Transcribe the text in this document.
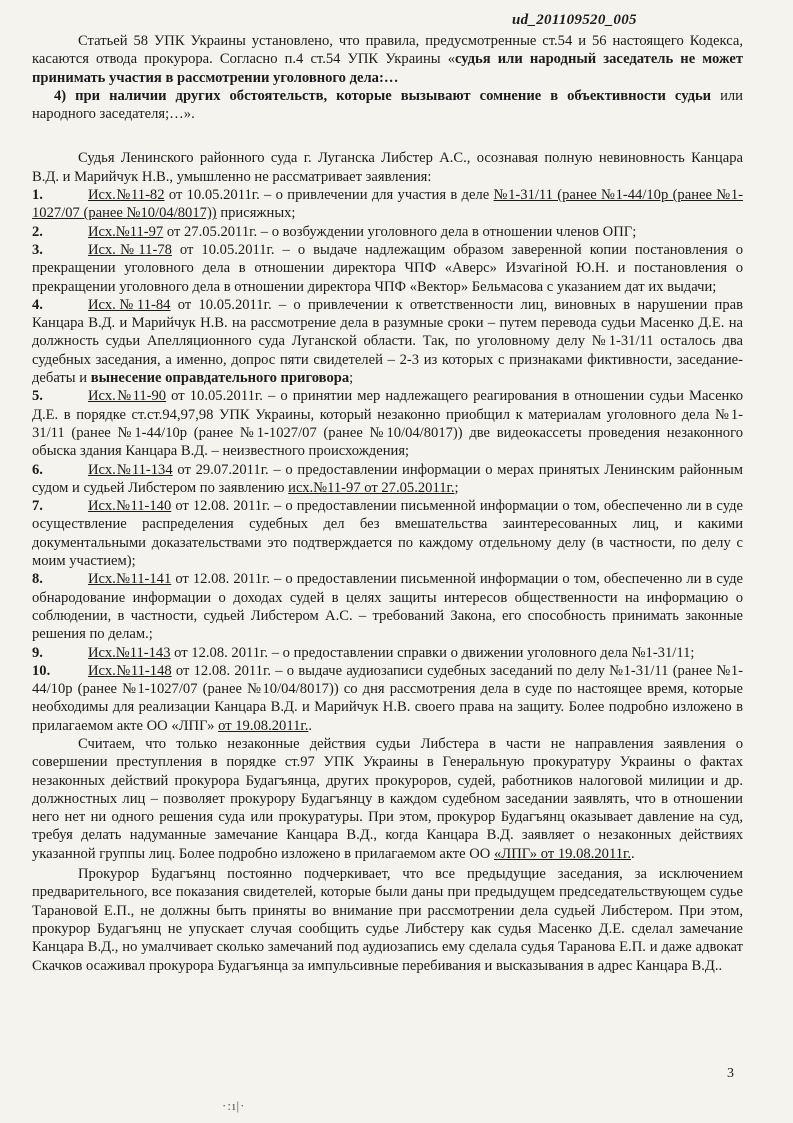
ud_201109520_005

Статьей 58 УПК Украины установлено, что правила, предусмотренные ст.54 и 56 настоящего Кодекса, касаются отвода прокурора. Согласно п.4 ст.54 УПК Украины «судья или народный заседатель не может принимать участия в рассмотрении уголовного дела:…

4) при наличии других обстоятельств, которые вызывают сомнение в объективности судьи или народного заседателя;…».

Судья Ленинского районного суда г. Луганска Либстер А.С., осознавая полную невиновность Канцара В.Д. и Марийчук Н.В., умышленно не рассматривает заявления:

1.	Исх.№11-82 от 10.05.2011г. – о привлечении для участия в деле №1-31/11 (ранее №1-44/10р (ранее №1-1027/07 (ранее №10/04/8017)) присяжных;

2.	Исх.№11-97 от 27.05.2011г. – о возбуждении уголовного дела в отношении членов ОПГ;

3.	Исх.№11-78 от 10.05.2011г. – о выдаче надлежащим образом заверенной копии постановления о прекращении уголовного дела в отношении директора ЧПФ «Аверс» Изvariной Ю.Н. и постановления о прекращении уголовного дела в отношении директора ЧПФ «Вектор» Бельмасова с указанием дат их выдачи;

4.	Исх.№11-84 от 10.05.2011г. – о привлечении к ответственности лиц, виновных в нарушении прав Канцара В.Д. и Марийчук Н.В. на рассмотрение дела в разумные сроки – путем перевода судьи Масенко Д.Е. на должность судьи Апелляционного суда Луганской области. Так, по уголовному делу №1-31/11 осталось два судебных заседания, а именно, допрос пяти свидетелей – 2-3 из которых с признаками фиктивности, заседание-дебаты и вынесение оправдательного приговора;

5.	Исх.№11-90 от 10.05.2011г. – о принятии мер надлежащего реагирования в отношении судьи Масенко Д.Е. в порядке ст.ст.94,97,98 УПК Украины, который незаконно приобщил к материалам уголовного дела №1-31/11 (ранее №1-44/10р (ранее №1-1027/07 (ранее №10/04/8017)) две видеокассеты проведения незаконного обыска здания Канцара В.Д. – неизвестного происхождения;

6.	Исх.№11-134 от 29.07.2011г. – о предоставлении информации о мерах принятых Ленинским районным судом и судьей Либстером по заявлению исх.№11-97 от 27.05.2011г.;

7.	Исх.№11-140 от 12.08. 2011г. – о предоставлении письменной информации о том, обеспеченно ли в суде осуществление распределения судебных дел без вмешательства заинтересованных лиц, и какими документальными доказательствами это подтверждается по каждому отдельному делу (в частности, по делу с моим участием);

8.	Исх.№11-141 от 12.08. 2011г. – о предоставлении письменной информации о том, обеспеченно ли в суде обнародование информации о доходах судей в целях защиты интересов общественности на информацию о соблюдении, в частности, судьей Либстером А.С. – требований Закона, его способность принимать законные решения по делам.;

9.	Исх.№11-143 от 12.08. 2011г. – о предоставлении справки о движении уголовного дела №1-31/11;

10.	Исх.№11-148 от 12.08. 2011г. – о выдаче аудиозаписи судебных заседаний по делу №1-31/11 (ранее №1-44/10р (ранее №1-1027/07 (ранее №10/04/8017)) со дня рассмотрения дела в суде по настоящее время, которые необходимы для реализации Канцара В.Д. и Марийчук Н.В. своего права на защиту. Более подробно изложено в прилагаемом акте ОО «ЛПГ» от 19.08.2011г..

Считаем, что только незаконные действия судьи Либстера в части не направления заявления о совершении преступления в порядке ст.97 УПК Украины в Генеральную прокуратуру Украины о фактах незаконных действий прокурора Будагъянца, других прокуроров, судей, работников налоговой милиции и др. должностных лиц – позволяет прокурору Будагъянцу в каждом судебном заседании заявлять, что в отношении него нет ни одного решения суда или прокуратуры. При этом, прокурор Будагъянц оказывает давление на суд, требуя делать надуманные замечание Канцара В.Д., когда Канцара В.Д. заявляет о незаконных действиях указанной группы лиц. Более подробно изложено в прилагаемом акте ОО «ЛПГ» от 19.08.2011г..

Прокурор Будагъянц постоянно подчеркивает, что все предыдущие заседания, за исключением предварительного, все показания свидетелей, которые были даны при предыдущем председательствующем судье Тарановой Е.П., не должны быть приняты во внимание при рассмотрении дела судьей Либстером. При этом, прокурор Будагъянц не упускает случая сообщить судье Либстеру как судья Масенко Д.Е. сделал замечание Канцара В.Д., но умалчивает сколько замечаний под аудиозапись ему сделала судья Таранова Е.П. и даже адвокат Скачков осаживал прокурора Будагъянца за импульсивные перебивания и высказывания в адрес Канцара В.Д..

3
·:ı|·
